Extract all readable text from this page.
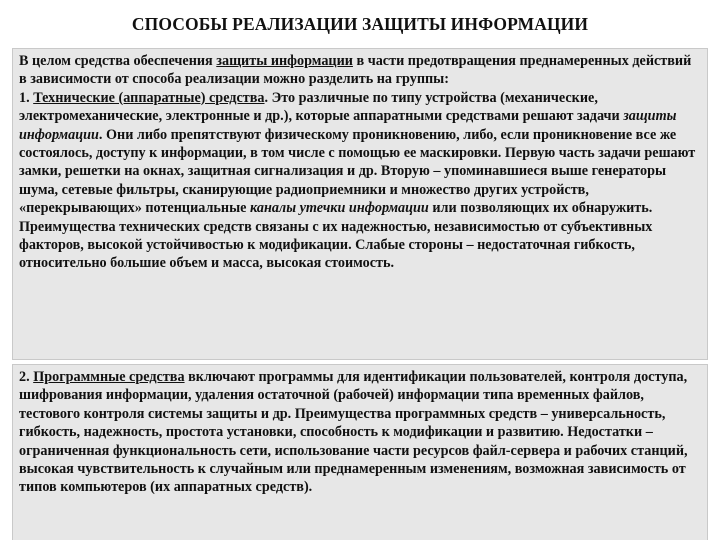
СПОСОБЫ РЕАЛИЗАЦИИ ЗАЩИТЫ ИНФОРМАЦИИ

В целом средства обеспечения защиты информации в части предотвращения преднамеренных действий в зависимости от способа реализации можно разделить на группы:

1. Технические (аппаратные) средства. Это различные по типу устройства (механические, электромеханические, электронные и др.), которые аппаратными средствами решают задачи защиты информации. Они либо препятствуют физическому проникновению, либо, если проникновение все же состоялось, доступу к информации, в том числе с помощью ее маскировки. Первую часть задачи решают замки, решетки на окнах, защитная сигнализация и др. Вторую – упоминавшиеся выше генераторы шума, сетевые фильтры, сканирующие радиоприемники и множество других устройств, «перекрывающих» потенциальные каналы утечки информации или позволяющих их обнаружить. Преимущества технических средств связаны с их надежностью, независимостью от субъективных факторов, высокой устойчивостью к модификации. Слабые стороны – недостаточная гибкость, относительно большие объем и масса, высокая стоимость.

2. Программные средства включают программы для идентификации пользователей, контроля доступа, шифрования информации, удаления остаточной (рабочей) информации типа временных файлов, тестового контроля системы защиты и др. Преимущества программных средств – универсальность, гибкость, надежность, простота установки, способность к модификации и развитию. Недостатки – ограниченная функциональность сети, использование части ресурсов файл-сервера и рабочих станций, высокая чувствительность к случайным или преднамеренным изменениям, возможная зависимость от типов компьютеров (их аппаратных средств).
